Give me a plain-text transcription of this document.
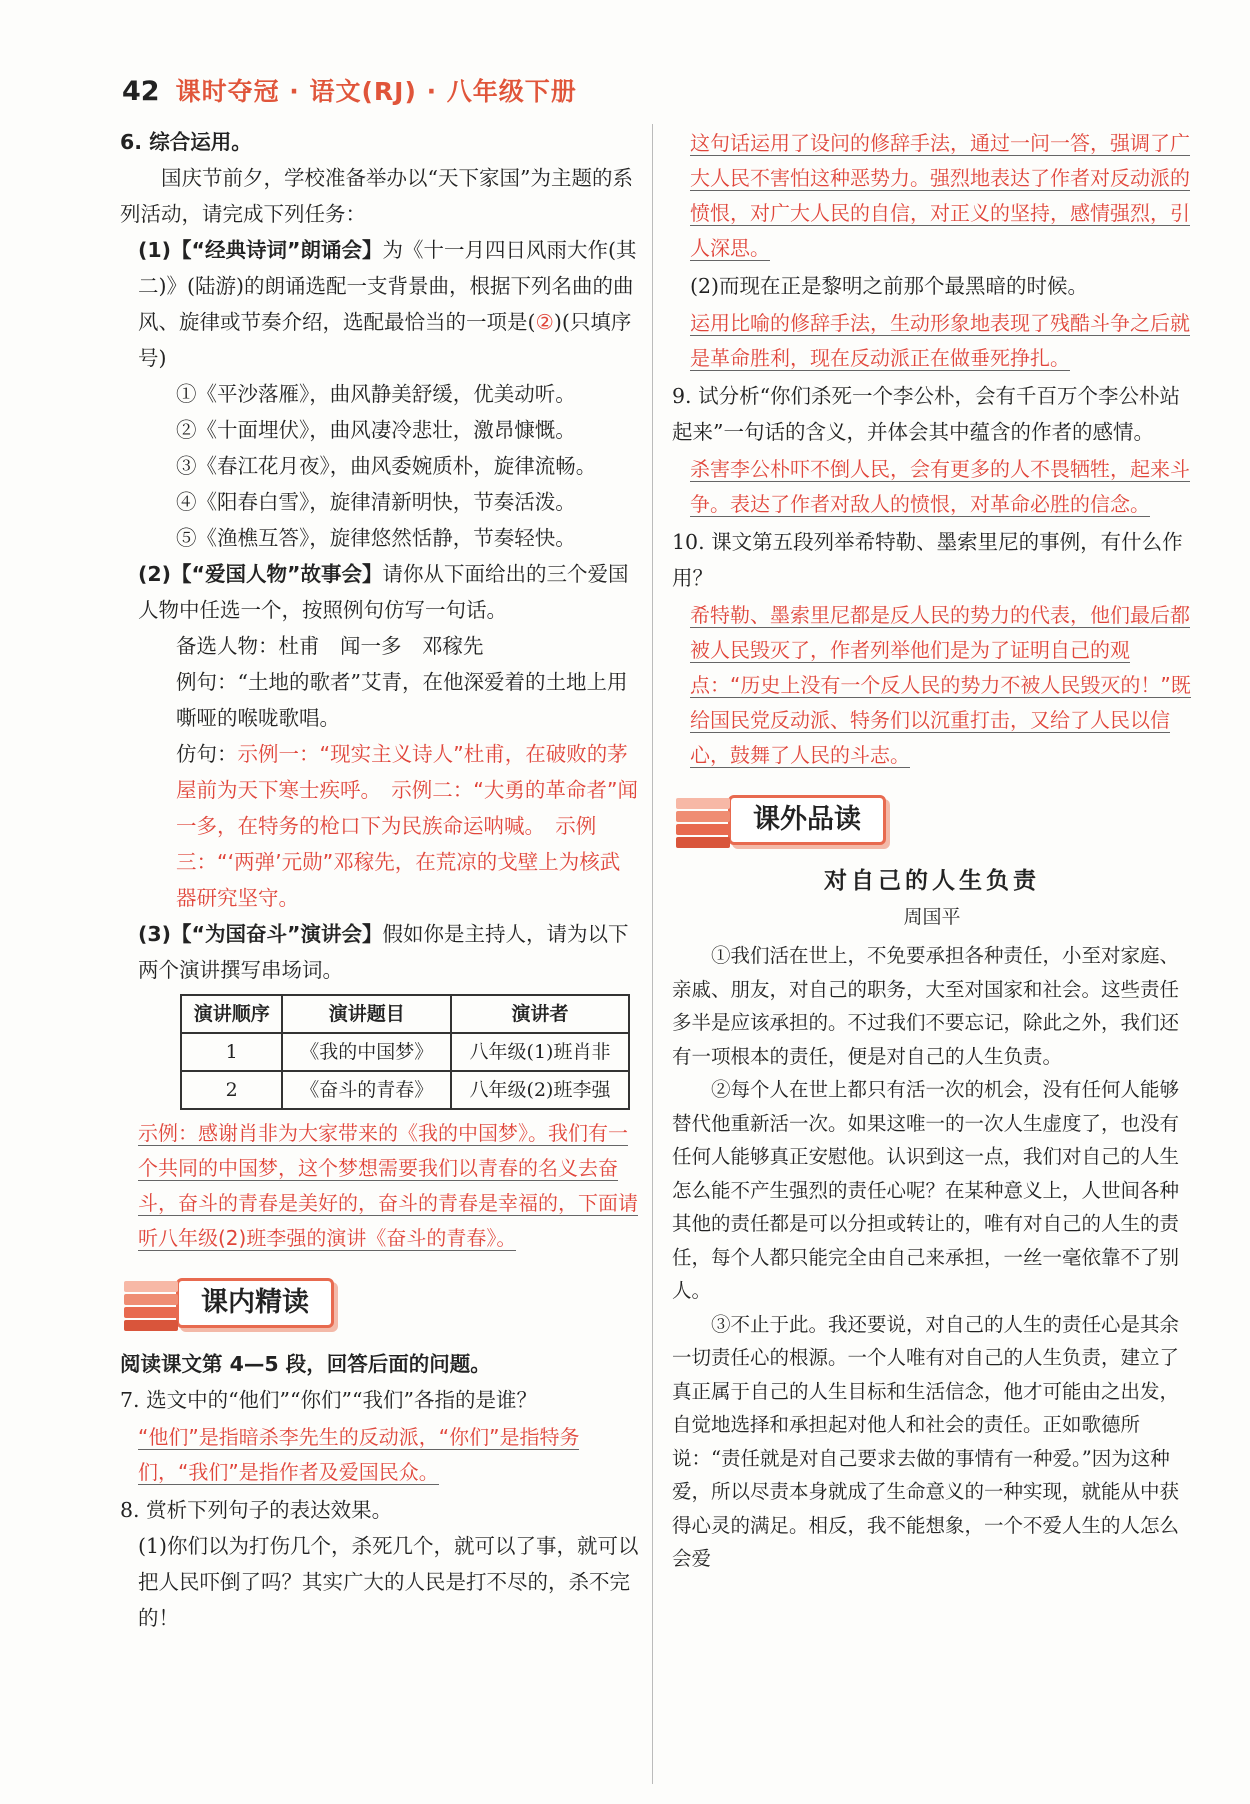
42 课时夺冠 · 语文(RJ) · 八年级下册

6. 综合运用。

国庆节前夕，学校准备举办以“天下家国”为主题的系列活动，请完成下列任务：

(1)【“经典诗词”朗诵会】为《十一月四日风雨大作(其二)》(陆游)的朗诵选配一支背景曲，根据下列名曲的曲风、旋律或节奏介绍，选配最恰当的一项是(②)(只填序号)

①《平沙落雁》，曲风静美舒缓，优美动听。

②《十面埋伏》，曲风凄冷悲壮，激昂慷慨。

③《春江花月夜》，曲风委婉质朴，旋律流畅。

④《阳春白雪》，旋律清新明快，节奏活泼。

⑤《渔樵互答》，旋律悠然恬静，节奏轻快。

(2)【“爱国人物”故事会】请你从下面给出的三个爱国人物中任选一个，按照例句仿写一句话。

备选人物：杜甫　闻一多　邓稼先

例句：“土地的歌者”艾青，在他深爱着的土地上用嘶哑的喉咙歌唱。

仿句：示例一：“现实主义诗人”杜甫，在破败的茅屋前为天下寒士疾呼。　示例二：“大勇的革命者”闻一多，在特务的枪口下为民族命运呐喊。　示例三：“‘两弹’元勋”邓稼先，在荒凉的戈壁上为核武器研究坚守。

(3)【“为国奋斗”演讲会】假如你是主持人，请为以下两个演讲撰写串场词。

演讲顺序	演讲题目	演讲者
1	《我的中国梦》	八年级(1)班肖非
2	《奋斗的青春》	八年级(2)班李强

示例：感谢肖非为大家带来的《我的中国梦》。我们有一个共同的中国梦，这个梦想需要我们以青春的名义去奋斗，奋斗的青春是美好的，奋斗的青春是幸福的，下面请听八年级(2)班李强的演讲《奋斗的青春》。

课内精读

阅读课文第 4—5 段，回答后面的问题。

7. 选文中的“他们”“你们”“我们”各指的是谁？

“他们”是指暗杀李先生的反动派，“你们”是指特务们，“我们”是指作者及爱国民众。

8. 赏析下列句子的表达效果。

(1)你们以为打伤几个，杀死几个，就可以了事，就可以把人民吓倒了吗？其实广大的人民是打不尽的，杀不完的！

这句话运用了设问的修辞手法，通过一问一答，强调了广大人民不害怕这种恶势力。强烈地表达了作者对反动派的愤恨，对广大人民的自信，对正义的坚持，感情强烈，引人深思。

(2)而现在正是黎明之前那个最黑暗的时候。

运用比喻的修辞手法，生动形象地表现了残酷斗争之后就是革命胜利，现在反动派正在做垂死挣扎。

9. 试分析“你们杀死一个李公朴，会有千百万个李公朴站起来”一句话的含义，并体会其中蕴含的作者的感情。

杀害李公朴吓不倒人民，会有更多的人不畏牺牲，起来斗争。表达了作者对敌人的愤恨，对革命必胜的信念。

10. 课文第五段列举希特勒、墨索里尼的事例，有什么作用？

希特勒、墨索里尼都是反人民的势力的代表，他们最后都被人民毁灭了，作者列举他们是为了证明自己的观点：“历史上没有一个反人民的势力不被人民毁灭的！”既给国民党反动派、特务们以沉重打击，又给了人民以信心，鼓舞了人民的斗志。

课外品读

对自己的人生负责

周国平

①我们活在世上，不免要承担各种责任，小至对家庭、亲戚、朋友，对自己的职务，大至对国家和社会。这些责任多半是应该承担的。不过我们不要忘记，除此之外，我们还有一项根本的责任，便是对自己的人生负责。

②每个人在世上都只有活一次的机会，没有任何人能够替代他重新活一次。如果这唯一的一次人生虚度了，也没有任何人能够真正安慰他。认识到这一点，我们对自己的人生怎么能不产生强烈的责任心呢？在某种意义上，人世间各种其他的责任都是可以分担或转让的，唯有对自己的人生的责任，每个人都只能完全由自己来承担，一丝一毫依靠不了别人。

③不止于此。我还要说，对自己的人生的责任心是其余一切责任心的根源。一个人唯有对自己的人生负责，建立了真正属于自己的人生目标和生活信念，他才可能由之出发，自觉地选择和承担起对他人和社会的责任。正如歌德所说：“责任就是对自己要求去做的事情有一种爱。”因为这种爱，所以尽责本身就成了生命意义的一种实现，就能从中获得心灵的满足。相反，我不能想象，一个不爱人生的人怎么会爱
